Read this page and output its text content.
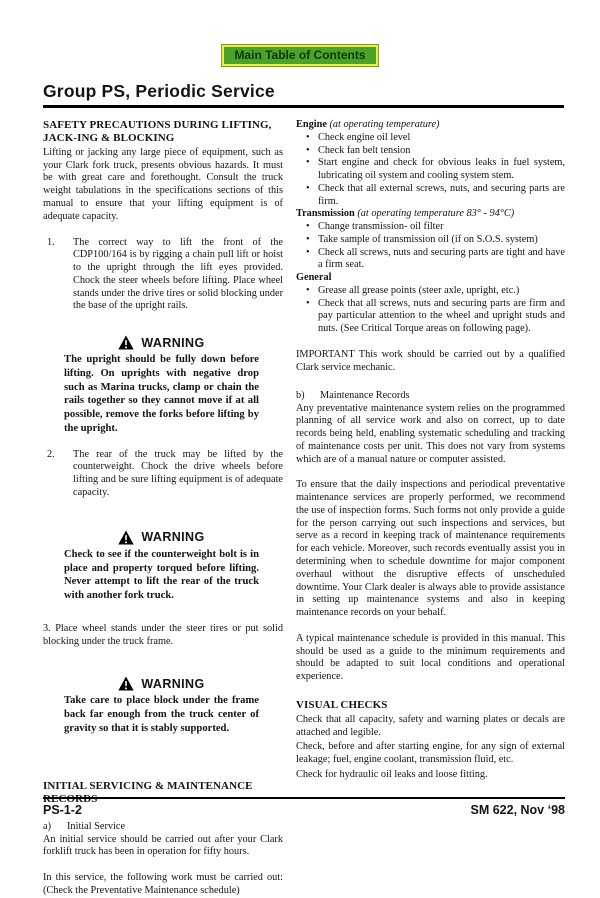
Main Table of Contents
Group PS, Periodic Service
SAFETY PRECAUTIONS DURING LIFTING, JACK-ING & BLOCKING

Lifting or jacking any large piece of equipment, such as your Clark fork truck, presents obvious hazards. It must be with great care and forethought. Consult the truck weight tabulations in the specifications sections of this manual to ensure that your lifting equipment is of adequate capacity.

1.	The correct way to lift the front of the CDP100/164 is by rigging a chain pull lift or hoist to the upright through the lift eyes provided. Chock the steer wheels before lifting. Place wheel stands under the drive tires or solid blocking under the base of the upright rails.
WARNING

The upright should be fully down before lifting. On uprights with negative drop such as Marina trucks, clamp or chain the rails together so they cannot move if at all possible, remove the forks before lifting by the upright.

2.	The rear of the truck may be lifted by the counterweight. Chock the drive wheels before lifting and be sure lifting equipment is of adequate capacity.
WARNING

Check to see if the counterweight bolt is in place and property torqued before lifting. Never attempt to lift the rear of the truck with another fork truck.

3. Place wheel stands under the steer tires or put solid blocking under the truck frame.

WARNING

Take care to place block under the frame back far enough from the truck center of gravity so that it is stably supported.

INITIAL SERVICING & MAINTENANCE RECORDS
a) Initial Service

An initial service should be carried out after your Clark forklift truck has been in operation for fifty hours.

In this service, the following work must be carried out: (Check the Preventative Maintenance schedule)

Engine (at operating temperature)
• Check engine oil level
• Check fan belt tension
• Start engine and check for obvious leaks in fuel system, lubricating oil system and cooling system stem.
• Check that all external screws, nuts, and securing parts are firm.
Transmission (at operating temperature 83° - 94°C)
• Change transmission- oil filter
• Take sample of transmission oil (if on S.O.S. system)
• Check all screws, nuts and securing parts are tight and have a firm seat.
General
• Grease all grease points (steer axle, upright, etc.)
• Check that all screws, nuts and securing parts are firm and pay particular attention to the wheel and upright studs and nuts. (See Critical Torque areas on following page).

IMPORTANT This work should be carried out by a qualified Clark service mechanic.

b) Maintenance Records

Any preventative maintenance system relies on the programmed planning of all service work and also on correct, up to date records being held, enabling systematic scheduling and tracking of maintenance costs per unit. This does not vary from systems which are of a manual nature or computer assisted.

To ensure that the daily inspections and periodical preventative maintenance services are properly performed, we recommend the use of inspection forms. Such forms not only provide a guide for the person carrying out such inspections and services, but serve as a record in keeping track of maintenance requirements for each vehicle. Moreover, such records eventually assist you in determining when to schedule downtime for major component overhaul without the disruptive effects of unscheduled downtime. Your Clark dealer is always able to provide assistance in setting up maintenance systems and also in keeping maintenance records on your behalf.

A typical maintenance schedule is provided in this manual. This should be used as a guide to the minimum requirements and should be adapted to suit local conditions and operational experience.

VISUAL CHECKS

Check that all capacity, safety and warning plates or decals are attached and legible.

Check, before and after starting engine, for any sign of external leakage; fuel, engine coolant, transmission fluid, etc.

Check for hydraulic oil leaks and loose fitting.

PS-1-2	SM 622, Nov ‘98
